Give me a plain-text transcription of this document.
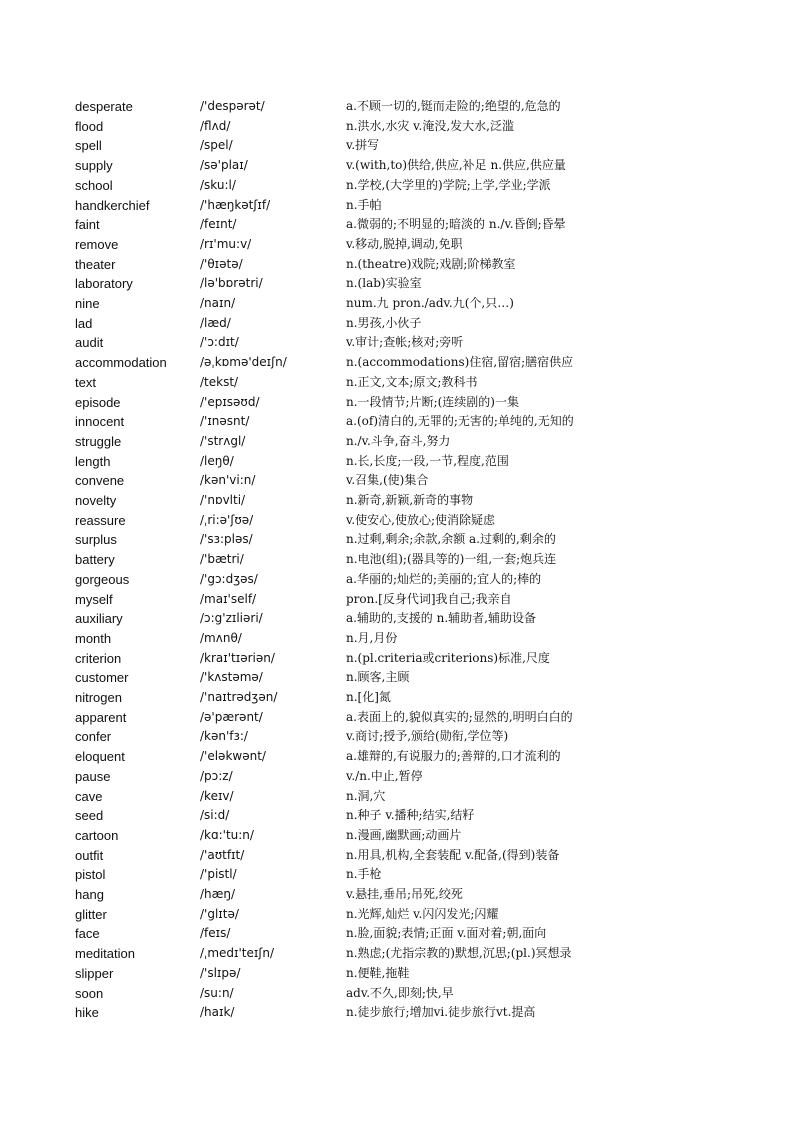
desperate	/'despərət/	a.不顾一切的,铤而走险的;绝望的,危急的
flood	/flʌd/	n.洪水,水灾 v.淹没,发大水,泛滥
spell	/spel/	v.拼写
supply	/sə'plaɪ/	v.(with,to)供给,供应,补足 n.供应,供应量
school	/sku:l/	n.学校,(大学里的)学院;上学,学业;学派
handkerchief	/'hæŋkətʃɪf/	n.手帕
faint	/feɪnt/	a.微弱的;不明显的;暗淡的 n./v.昏倒;昏晕
remove	/rɪ'mu:v/	v.移动,脱掉,调动,免职
theater	/'θɪətə/	n.(theatre)戏院;戏剧;阶梯教室
laboratory	/lə'bɒrətri/	n.(lab)实验室
nine	/naɪn/	num.九 pron./adv.九(个,只…)
lad	/læd/	n.男孩,小伙子
audit	/'ɔ:dɪt/	v.审计;查帐;核对;旁听
accommodation	/əˌkɒmə'deɪʃn/	n.(accommodations)住宿,留宿;膳宿供应
text	/tekst/	n.正文,文本;原文;教科书
episode	/'epɪsəʊd/	n.一段情节;片断;(连续剧的)一集
innocent	/'ɪnəsnt/	a.(of)清白的,无罪的;无害的;单纯的,无知的
struggle	/'strʌgl/	n./v.斗争,奋斗,努力
length	/leŋθ/	n.长,长度;一段,一节,程度,范围
convene	/kən'vi:n/	v.召集,(使)集合
novelty	/'nɒvlti/	n.新奇,新颖,新奇的事物
reassure	/ˌri:ə'ʃʊə/	v.使安心,使放心;使消除疑虑
surplus	/'sɜ:pləs/	n.过剩,剩余;余款,余额 a.过剩的,剩余的
battery	/'bætri/	n.电池(组);(器具等的)一组,一套;炮兵连
gorgeous	/'gɔ:dʒəs/	a.华丽的;灿烂的;美丽的;宜人的;棒的
myself	/maɪ'self/	pron.[反身代词]我自己;我亲自
auxiliary	/ɔ:g'zɪliəri/	a.辅助的,支援的 n.辅助者,辅助设备
month	/mʌnθ/	n.月,月份
criterion	/kraɪ'tɪəriən/	n.(pl.criteria或criterions)标准,尺度
customer	/'kʌstəmə/	n.顾客,主顾
nitrogen	/'naɪtrədʒən/	n.[化]氮
apparent	/ə'pærənt/	a.表面上的,貌似真实的;显然的,明明白白的
confer	/kən'fɜ:/	v.商讨;授予,颁给(勋衔,学位等)
eloquent	/'eləkwənt/	a.雄辩的,有说服力的;善辩的,口才流利的
pause	/pɔ:z/	v./n.中止,暂停
cave	/keɪv/	n.洞,穴
seed	/si:d/	n.种子 v.播种;结实,结籽
cartoon	/kɑ:'tu:n/	n.漫画,幽默画;动画片
outfit	/'aʊtfɪt/	n.用具,机构,全套装配 v.配备,(得到)装备
pistol	/'pistl/	n.手枪
hang	/hæŋ/	v.悬挂,垂吊;吊死,绞死
glitter	/'glɪtə/	n.光辉,灿烂 v.闪闪发光;闪耀
face	/feɪs/	n.脸,面貌;表情;正面 v.面对着;朝,面向
meditation	/ˌmedɪ'teɪʃn/	n.熟虑;(尤指宗教的)默想,沉思;(pl.)冥想录
slipper	/'slɪpə/	n.便鞋,拖鞋
soon	/su:n/	adv.不久,即刻;快,早
hike	/haɪk/	n.徒步旅行;增加vi.徒步旅行vt.提高
